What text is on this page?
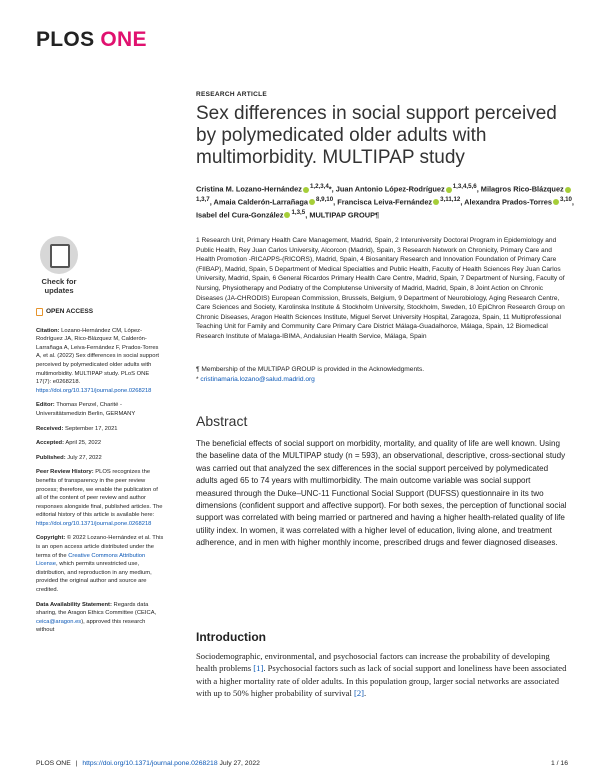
PLOS ONE
RESEARCH ARTICLE
Sex differences in social support perceived by polymedicated older adults with multimorbidity. MULTIPAP study
Cristina M. Lozano-Hernández $^{1,2,3,4}$*, Juan Antonio López-Rodríguez $^{1,3,4,5,6}$, Milagros Rico-Blázquez$^{1,3,7}$, Amaia Calderón-Larrañaga $^{8,9,10}$, Francisca Leiva-Fernández $^{3,11,12}$, Alexandra Prados-Torres $^{3,10}$, Isabel del Cura-González $^{1,3,5}$, MULTIPAP GROUP¶
1 Research Unit, Primary Health Care Management, Madrid, Spain, 2 Interuniversity Doctoral Program in Epidemiology and Public Health, Rey Juan Carlos University, Alcorcon (Madrid), Spain, 3 Research Network on Chronicity, Primary Care and Health Promotion -RICAPPS-(RICORS), Madrid, Spain, 4 Biosanitary Research and Innovation Foundation of Primary Care (FIIBAP), Madrid, Spain, 5 Department of Medical Specialties and Public Health, Faculty of Health Sciences Rey Juan Carlos University, Madrid, Spain, 6 General Ricardos Primary Health Care Centre, Madrid, Spain, 7 Department of Nursing, Faculty of Nursing, Physiotherapy and Podiatry of the Complutense University of Madrid, Madrid, Spain, 8 Joint Action on Chronic Diseases (JA-CHRODIS) European Commission, Brussels, Belgium, 9 Department of Neurobiology, Aging Research Centre, Care Sciences and Society, Karolinska Institute & Stockholm University, Stockholm, Sweden, 10 EpiChron Research Group on Chronic Diseases, Aragon Health Sciences Institute, Miguel Servet University Hospital, Zaragoza, Spain, 11 Multiprofessional Teaching Unit for Family and Community Care Primary Care District Málaga-Guadalhorce, Málaga, Spain, 12 Biomedical Research Institute of Malaga-IBIMA, Andalusian Health Service, Málaga, Spain
¶ Membership of the MULTIPAP GROUP is provided in the Acknowledgments.
* cristinamaria.lozano@salud.madrid.org
Abstract
The beneficial effects of social support on morbidity, mortality, and quality of life are well known. Using the baseline data of the MULTIPAP study (n = 593), an observational, descriptive, cross-sectional study was carried out that analyzed the sex differences in the social support perceived by polymedicated adults aged 65 to 74 years with multimorbidity. The main outcome variable was social support measured through the Duke–UNC-11 Functional Social Support (DUFSS) questionnaire in its two dimensions (confident support and affective support). For both sexes, the perception of functional social support was correlated with being married or partnered and having a higher health-related quality of life utility index. In women, it was correlated with a higher level of education, living alone, and treatment adherence, and in men with higher monthly income, prescribed drugs and fewer diagnosed diseases.
Introduction
Sociodemographic, environmental, and psychosocial factors can increase the probability of developing health problems [1]. Psychosocial factors such as lack of social support and loneliness have been associated with a higher mortality rate of older adults. In this population group, larger social networks are associated with up to 50% higher probability of survival [2].
Check for
updates
OPEN ACCESS
Citation: Lozano-Hernández CM, López-Rodríguez JA, Rico-Blázquez M, Calderón-Larrañaga A, Leiva-Fernández F, Prados-Torres A, et al. (2022) Sex differences in social support perceived by polymedicated older adults with multimorbidity. MULTIPAP study. PLoS ONE 17(7): e0268218. https://doi.org/10.1371/journal.pone.0268218
Editor: Thomas Penzel, Charité - Universitätsmedizin Berlin, GERMANY
Received: September 17, 2021
Accepted: April 25, 2022
Published: July 27, 2022
Peer Review History: PLOS recognizes the benefits of transparency in the peer review process; therefore, we enable the publication of all of the content of peer review and author responses alongside final, published articles. The editorial history of this article is available here: https://doi.org/10.1371/journal.pone.0268218
Copyright: © 2022 Lozano-Hernández et al. This is an open access article distributed under the terms of the Creative Commons Attribution License, which permits unrestricted use, distribution, and reproduction in any medium, provided the original author and source are credited.
Data Availability Statement: Regards data sharing, the Aragon Ethics Committee (CEICA, ceica@aragon.es), approved this research without
PLOS ONE | https://doi.org/10.1371/journal.pone.0268218 July 27, 2022	1 / 16
